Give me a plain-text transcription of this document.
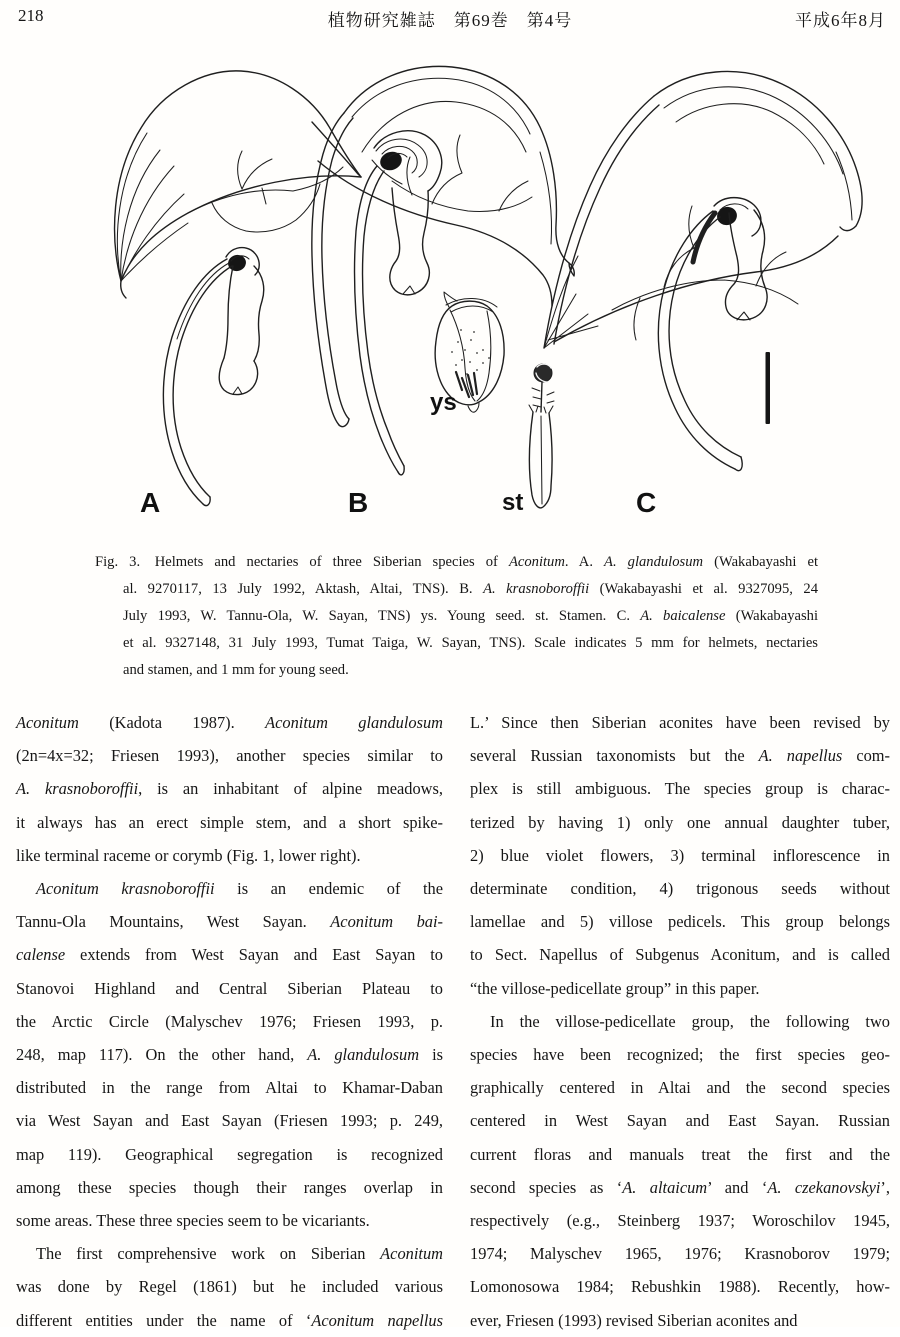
218	植物研究雑誌　第69巻　第4号	平成6年8月
A	B	C
st
ys
Fig. 3.  Helmets and nectaries of three Siberian species of Aconitum. A. A. glandulosum (Wakabayashi et
al. 9270117, 13 July 1992, Aktash, Altai, TNS). B. A. krasnoboroffii (Wakabayashi et al. 9327095, 24
July 1993, W. Tannu-Ola, W. Sayan, TNS) ys. Young seed. st. Stamen. C. A. baicalense (Wakabayashi
et al. 9327148, 31 July 1993, Tumat Taiga, W. Sayan, TNS). Scale indicates 5 mm for helmets, nectaries
and stamen, and 1 mm for young seed.
Aconitum (Kadota 1987). Aconitum glandulosum
(2n=4x=32; Friesen 1993), another species similar to
A. krasnoboroffii, is an inhabitant of alpine meadows,
it always has an erect simple stem, and a short spike-
like terminal raceme or corymb (Fig. 1, lower right).
Aconitum krasnoboroffii is an endemic of the
Tannu-Ola Mountains, West Sayan. Aconitum bai-
calense extends from West Sayan and East Sayan to
Stanovoi Highland and Central Siberian Plateau to
the Arctic Circle (Malyschev 1976; Friesen 1993, p.
248, map 117). On the other hand, A. glandulosum is
distributed in the range from Altai to Khamar-Daban
via West Sayan and East Sayan (Friesen 1993; p. 249,
map 119). Geographical segregation is recognized
among these species though their ranges overlap in
some areas. These three species seem to be vicariants.
The first comprehensive work on Siberian Aconitum
was done by Regel (1861) but he included various
different entities under the name of ‘Aconitum napellus
L.’ Since then Siberian aconites have been revised by
several Russian taxonomists but the A. napellus com-
plex is still ambiguous. The species group is charac-
terized by having 1) only one annual daughter tuber,
2) blue violet flowers, 3) terminal inflorescence in
determinate condition, 4) trigonous seeds without
lamellae and 5) villose pedicels. This group belongs
to Sect. Napellus of Subgenus Aconitum, and is called
“the villose-pedicellate group” in this paper.
In the villose-pedicellate group, the following two
species have been recognized; the first species geo-
graphically centered in Altai and the second species
centered in West Sayan and East Sayan. Russian
current floras and manuals treat the first and the
second species as ‘A. altaicum’ and ‘A. czekanovskyi’,
respectively (e.g., Steinberg 1937; Woroschilov 1945,
1974; Malyschev 1965, 1976; Krasnoborov 1979;
Lomonosowa 1984; Rebushkin 1988). Recently, how-
ever, Friesen (1993) revised Siberian aconites and
